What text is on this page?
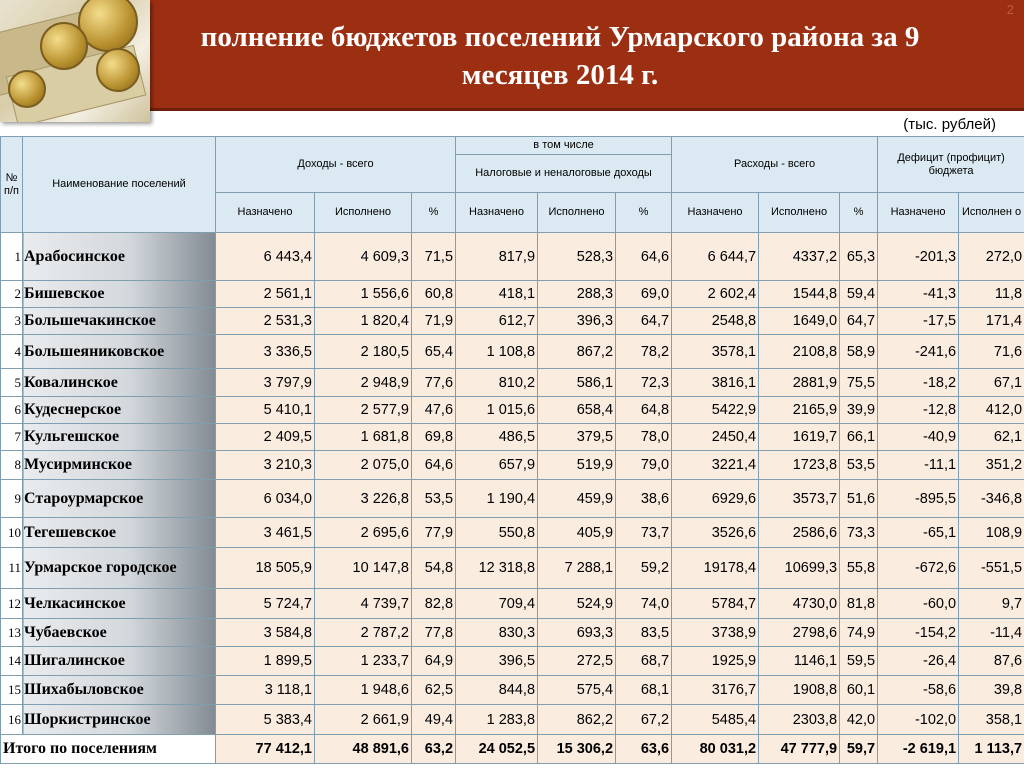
полнение бюджетов поселений Урмарского района за 9
месяцев 2014 г.
2
(тыс. рублей)
№ п/п	Наименование поселений	Доходы - всего			в том числе			Расходы - всего			Дефицит (профицит) бюджета	
					Налоговые и неналоговые доходы							
		Назначено	Исполнено	%	Назначено	Исполнено	%	Назначено	Исполнено	%	Назначено	Исполнен о
1	Арабосинское	6 443,4	4 609,3	71,5	817,9	528,3	64,6	6 644,7	4337,2	65,3	-201,3	272,0
2	Бишевское	2 561,1	1 556,6	60,8	418,1	288,3	69,0	2 602,4	1544,8	59,4	-41,3	11,8
3	Большечакинское	2 531,3	1 820,4	71,9	612,7	396,3	64,7	2548,8	1649,0	64,7	-17,5	171,4
4	Большеяниковское	3 336,5	2 180,5	65,4	1 108,8	867,2	78,2	3578,1	2108,8	58,9	-241,6	71,6
5	Ковалинское	3 797,9	2 948,9	77,6	810,2	586,1	72,3	3816,1	2881,9	75,5	-18,2	67,1
6	Кудеснерское	5 410,1	2 577,9	47,6	1 015,6	658,4	64,8	5422,9	2165,9	39,9	-12,8	412,0
7	Кульгешское	2 409,5	1 681,8	69,8	486,5	379,5	78,0	2450,4	1619,7	66,1	-40,9	62,1
8	Мусирминское	3 210,3	2 075,0	64,6	657,9	519,9	79,0	3221,4	1723,8	53,5	-11,1	351,2
9	Староурмарское	6 034,0	3 226,8	53,5	1 190,4	459,9	38,6	6929,6	3573,7	51,6	-895,5	-346,8
10	Тегешевское	3 461,5	2 695,6	77,9	550,8	405,9	73,7	3526,6	2586,6	73,3	-65,1	108,9
11	Урмарское городское	18 505,9	10 147,8	54,8	12 318,8	7 288,1	59,2	19178,4	10699,3	55,8	-672,6	-551,5
12	Челкасинское	5 724,7	4 739,7	82,8	709,4	524,9	74,0	5784,7	4730,0	81,8	-60,0	9,7
13	Чубаевское	3 584,8	2 787,2	77,8	830,3	693,3	83,5	3738,9	2798,6	74,9	-154,2	-11,4
14	Шигалинское	1 899,5	1 233,7	64,9	396,5	272,5	68,7	1925,9	1146,1	59,5	-26,4	87,6
15	Шихабыловское	3 118,1	1 948,6	62,5	844,8	575,4	68,1	3176,7	1908,8	60,1	-58,6	39,8
16	Шоркистринское	5 383,4	2 661,9	49,4	1 283,8	862,2	67,2	5485,4	2303,8	42,0	-102,0	358,1
Итого по поселениям		77 412,1	48 891,6	63,2	24 052,5	15 306,2	63,6	80 031,2	47 777,9	59,7	-2 619,1	1 113,7
